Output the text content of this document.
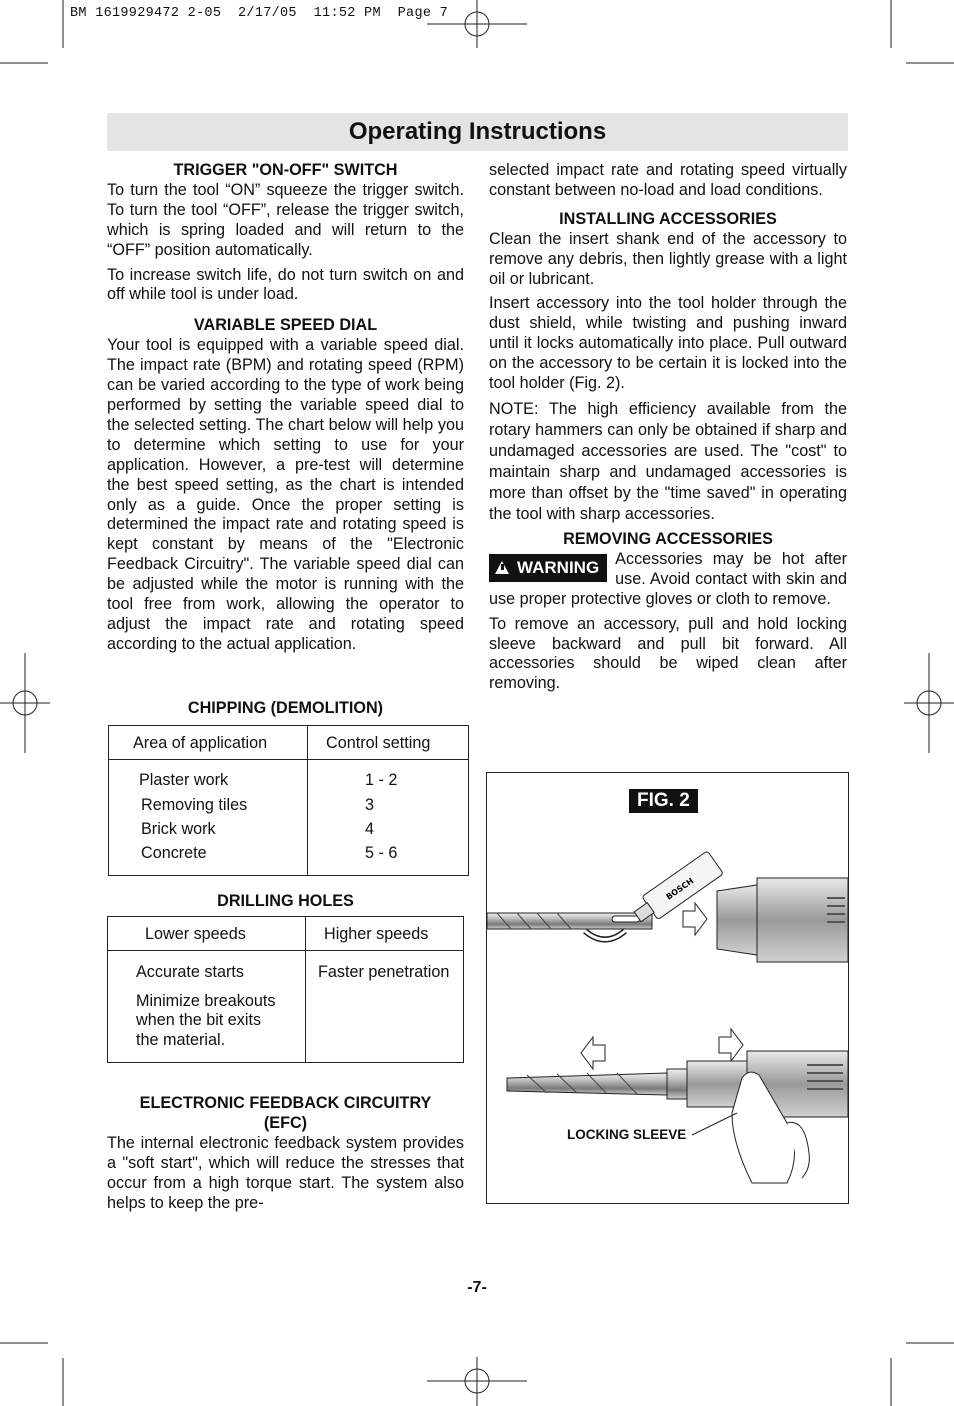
BM 1619929472 2-05  2/17/05  11:52 PM  Page 7
Operating Instructions
TRIGGER "ON-OFF" SWITCH

To turn the tool “ON” squeeze the trigger switch. To turn the tool “OFF”, release the trigger switch, which is spring loaded and will return to the “OFF” position automatically.

To increase switch life, do not turn switch on and off while tool is under load.

VARIABLE SPEED DIAL

Your tool is equipped with a variable speed dial. The impact rate (BPM) and rotating speed (RPM) can be varied according to the type of work being performed by setting the variable speed dial to the selected setting. The chart below will help you to determine which setting to use for your application. However, a pre-test will determine the best speed setting, as the chart is intended only as a guide. Once the proper setting is determined the impact rate and rotating speed is kept constant by means of the "Electronic Feedback Circuitry". The variable speed dial can be adjusted while the motor is running with the tool free from work, allowing the operator to adjust the impact rate and rotating speed according to the actual application.

CHIPPING (DEMOLITION)
Area of application	Control setting
Plaster work	1 - 2
Removing tiles	3
Brick work	4
Concrete	5 - 6
DRILLING HOLES
Lower speeds	Higher speeds
Accurate starts	Faster penetration
Minimize breakouts
when the bit exits
the material.
ELECTRONIC FEEDBACK CIRCUITRY
(EFC)

The internal electronic feedback system provides a "soft start", which will reduce the stresses that occur from a high torque start. The system also helps to keep the pre-

selected impact rate and rotating speed virtually constant between no-load and load conditions.

INSTALLING ACCESSORIES

Clean the insert shank end of the accessory to remove any debris, then lightly grease with a light oil or lubricant.

Insert accessory into the tool holder through the dust shield, while twisting and pushing inward until it locks automatically into place. Pull outward on the accessory to be certain it is locked into the tool holder (Fig. 2).

NOTE: The high efficiency available from the rotary hammers can only be obtained if sharp and undamaged accessories are used. The "cost" to maintain sharp and undamaged accessories is more than offset by the "time saved" in operating the tool with sharp accessories.

REMOVING ACCESSORIES

WARNING Accessories may be hot after use. Avoid contact with skin and use proper protective gloves or cloth to remove.

To remove an accessory, pull and hold locking sleeve backward and pull bit forward. All accessories should be wiped clean after removing.

FIG. 2
BOSCH
LOCKING SLEEVE
-7-
